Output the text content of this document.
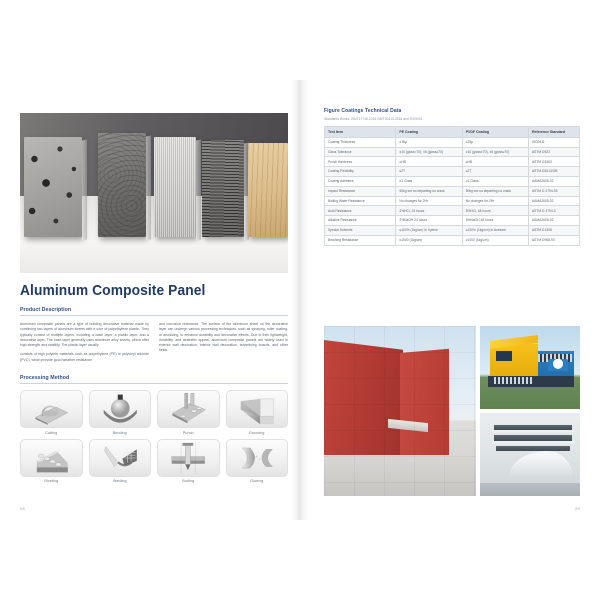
Aluminum Composite Panel
Product Description

Aluminum composite panels are a type of building decorative material made by combining two layers of aluminum sheets with a core of polyethylene plastic. They typically consist of multiple layers, including a base layer, a plastic layer, and a decorative layer. The base layer generally uses aluminum alloy sheets, which offer high strength and stability. The plastic layer usually

consists of high polymer materials such as polyethylene (PE) or polyvinyl chloride (PVC), which provide good weather resistance

and corrosion resistance. The surface of the aluminum sheet on the decorative layer can undergo various processing techniques, such as spraying, roller coating, or anodizing, to enhance durability and decorative effects. Due to their lightweight, durability, and aesthetic appeal, aluminum composite panels are widely used in exterior wall decoration, interior wall decoration, advertising boards, and other fields.

Processing Method
Cutting	Bending	Punch	Grooving
Riveting	Welding	Bolting	Glueing
08
Figure Coatings Technical Data
Standards Works: GB/T17748-2016,GB/T20413-2016 and ISO9001
Test Item	PE Coating	PVDF Coating	Reference Standard
Coating Thickness	≥18μ	≥25μ	ISO2411
Gloss Tolerance	±10 (gloss<70), ±5 (gloss≥70)	±10 (gloss<70), ±5 (gloss≥70)	ASTM D523
Pencil Hardness	≥HB	≥HB	ASTM D3363
Coating Flexibility	≤2T	≤2T	ASTM D5213/GB
Coating Adhesive	≥1 Class	≥1 Class	AAMA2605-02
Impact Resistance	50kg·cm no departing no crack	50kg·cm no departing no crack	ASTM D 2794-93
Boiling Water Resistance	No changes for 2Hr	No changes for 2Hr	AAMA2605-02
Acid Resistance	2%HCl, 24 hours	5%HCl, 48 hours	ASTM D 3794-3
Alkaline Resistance	2%NaOH 24 hours	5%NaOH 48 hours	AAMA2605-02
Special Solvents	≥100% (1kg/cm) in Xylene	≥100% (1kg/cm) in Acetone	ASTM D1308
Brushing Resistance	≥1500 (1kg/cm)	≥1000 (1kg/cm)	ASTM D968-93
09
